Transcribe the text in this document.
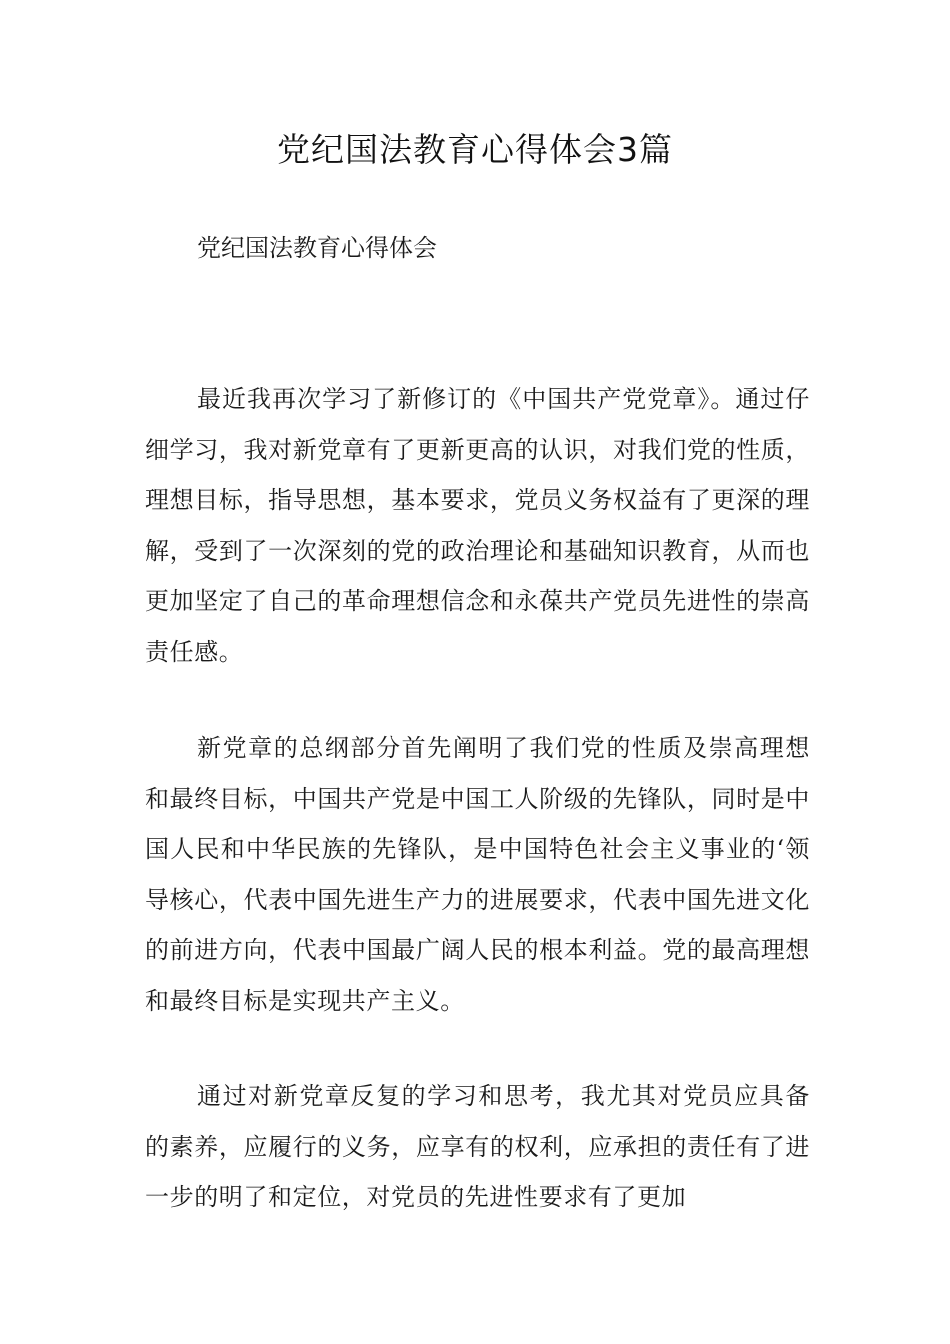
党纪国法教育心得体会3篇
党纪国法教育心得体会

最近我再次学习了新修订的《中国共产党党章》。通过仔细学习，我对新党章有了更新更高的认识，对我们党的性质，理想目标，指导思想，基本要求，党员义务权益有了更深的理解，受到了一次深刻的党的政治理论和基础知识教育，从而也更加坚定了自己的革命理想信念和永葆共产党员先进性的崇高责任感。

新党章的总纲部分首先阐明了我们党的性质及崇高理想和最终目标，中国共产党是中国工人阶级的先锋队，同时是中国人民和中华民族的先锋队，是中国特色社会主义事业的‘领导核心，代表中国先进生产力的进展要求，代表中国先进文化的前进方向，代表中国最广阔人民的根本利益。党的最高理想和最终目标是实现共产主义。

通过对新党章反复的学习和思考，我尤其对党员应具备的素养，应履行的义务，应享有的权利，应承担的责任有了进一步的明了和定位，对党员的先进性要求有了更加
